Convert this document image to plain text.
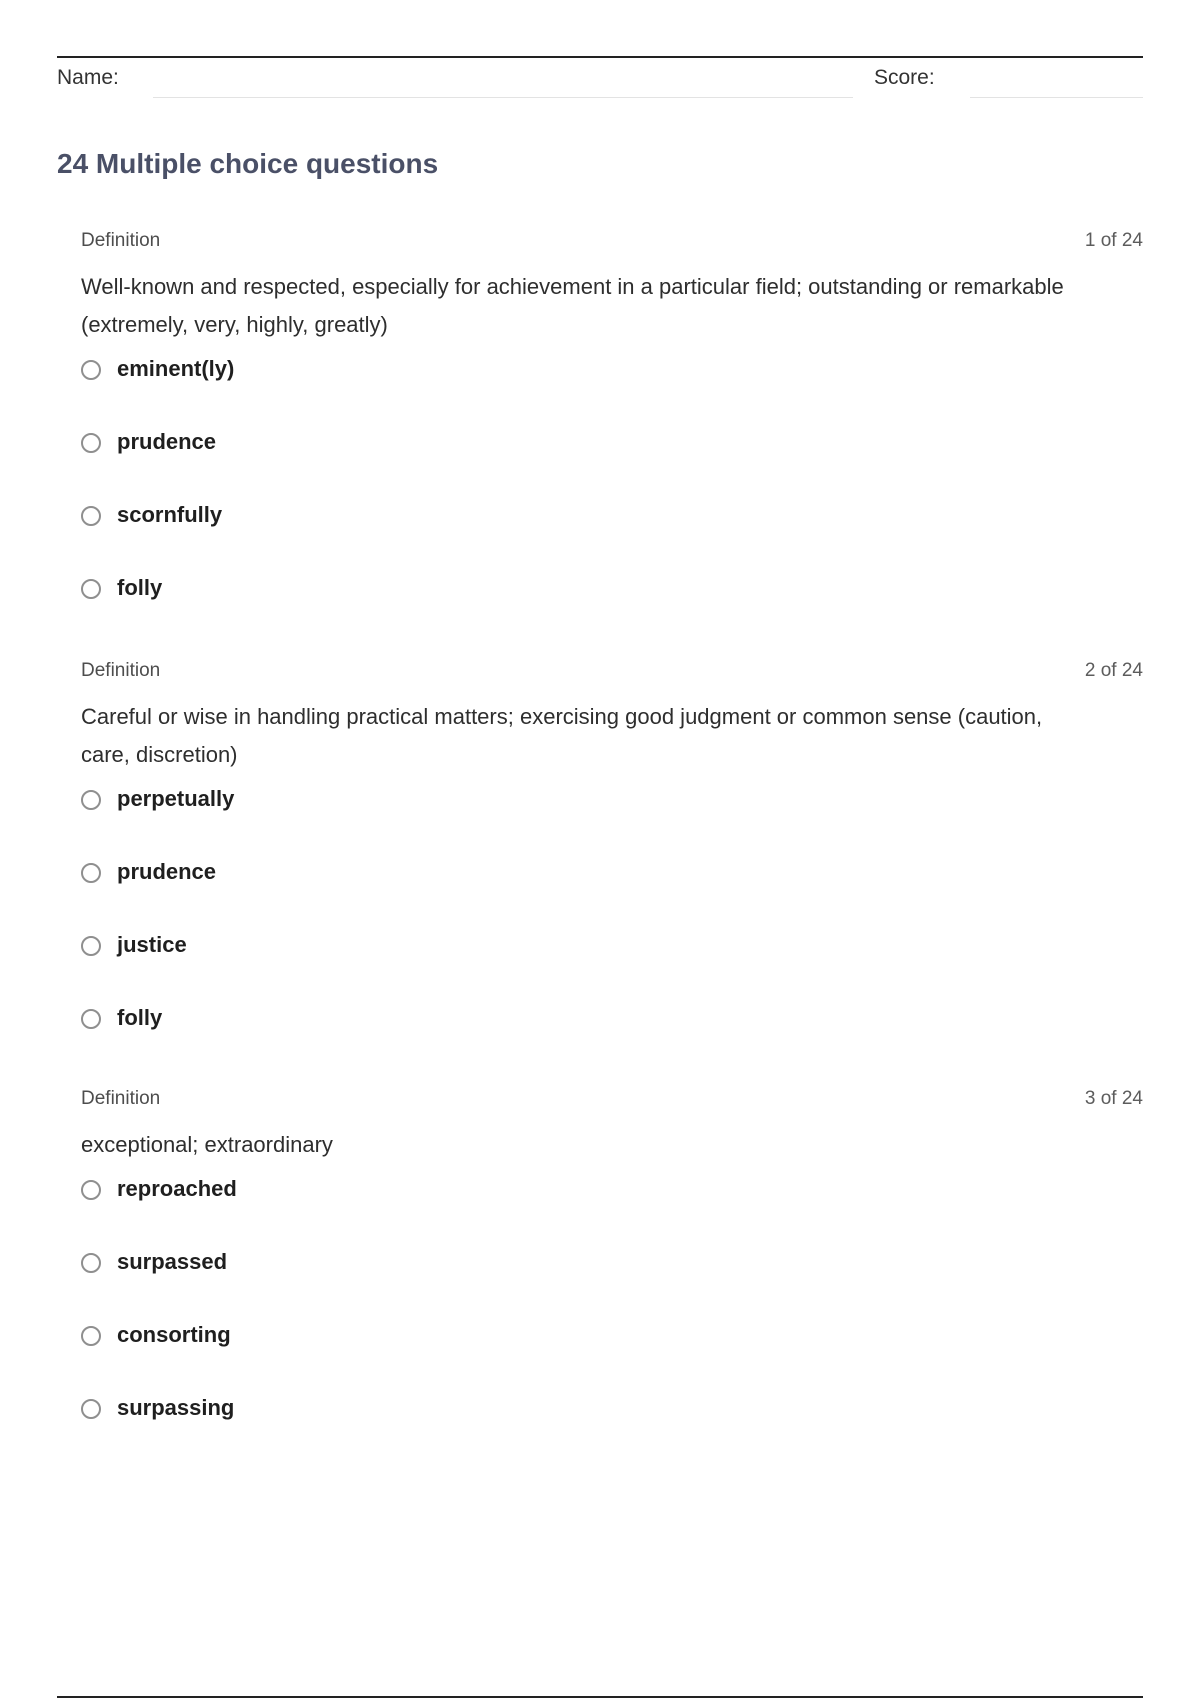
Name:	Score:
24 Multiple choice questions
Definition	1 of 24
Well-known and respected, especially for achievement in a particular field; outstanding or remarkable (extremely, very, highly, greatly)
eminent(ly)
prudence
scornfully
folly
Definition	2 of 24
Careful or wise in handling practical matters; exercising good judgment or common sense (caution, care, discretion)
perpetually
prudence
justice
folly
Definition	3 of 24
exceptional; extraordinary
reproached
surpassed
consorting
surpassing
